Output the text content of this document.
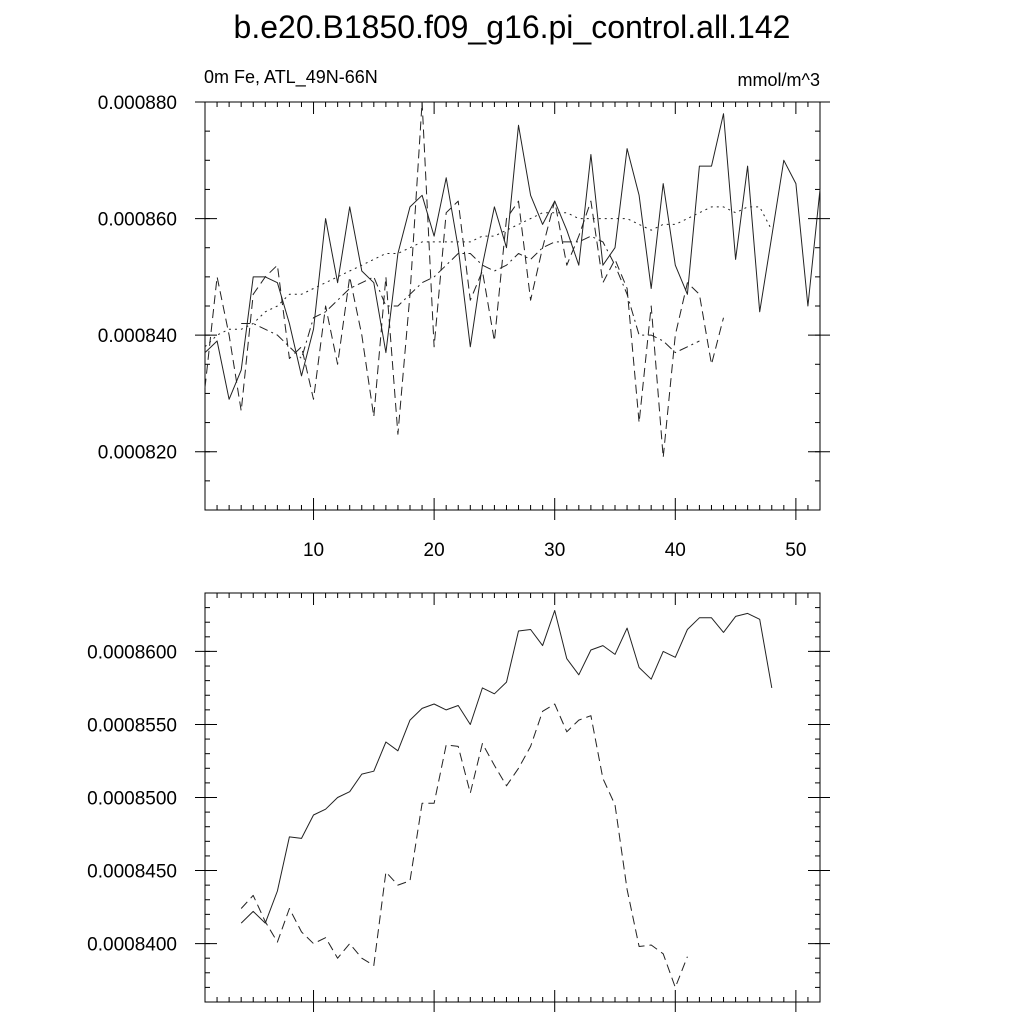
b.e20.B1850.f09_g16.pi_control.all.142
0m Fe, ATL_49N-66N	mmol/m^3
10	20	30	40	50
0.000820
0.000840
0.000860
0.000880
0.0008400
0.0008450
0.0008500
0.0008550
0.0008600
